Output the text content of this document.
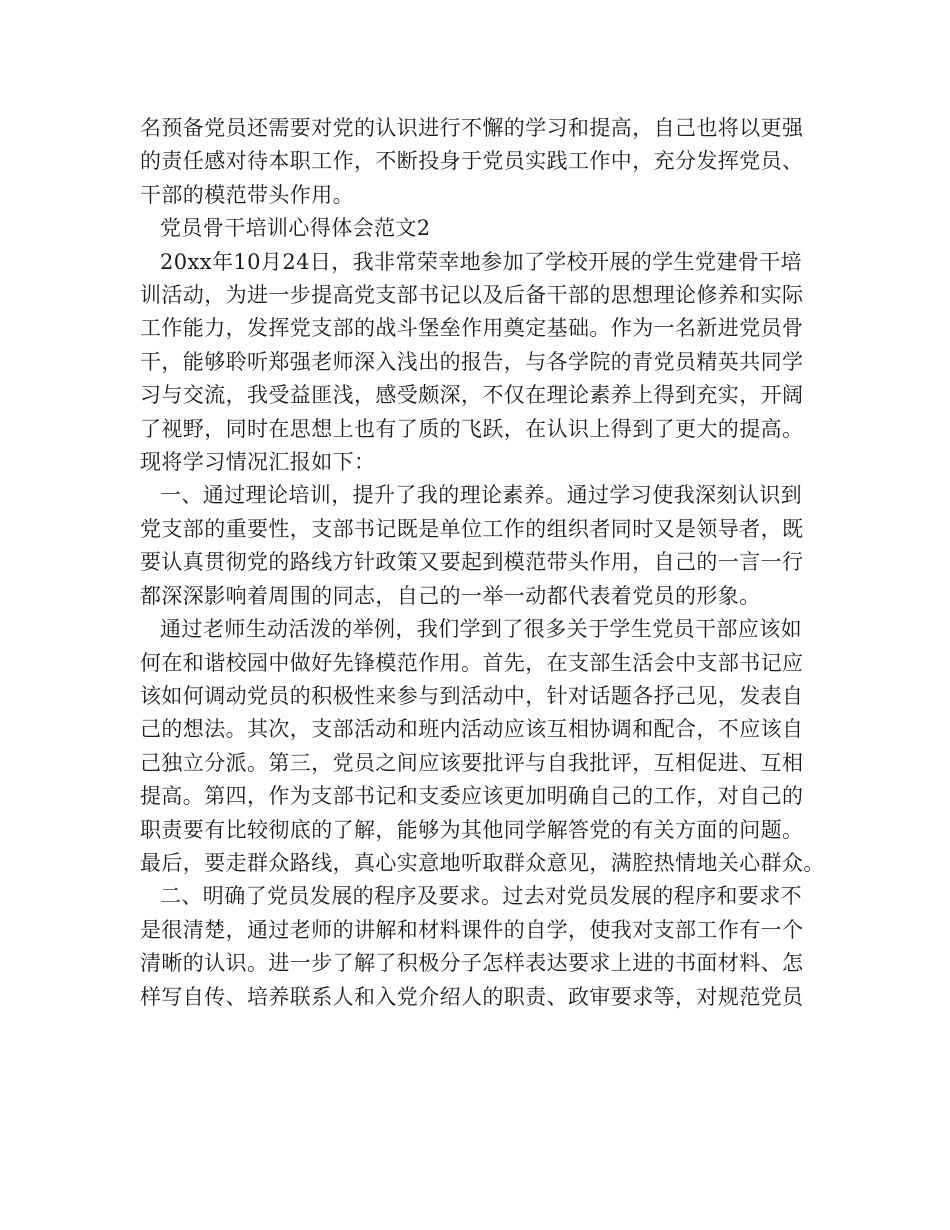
名预备党员还需要对党的认识进行不懈的学习和提高，自己也将以更强
的责任感对待本职工作，不断投身于党员实践工作中，充分发挥党员、
干部的模范带头作用。
党员骨干培训心得体会范文2
20xx年10月24日，我非常荣幸地参加了学校开展的学生党建骨干培
训活动，为进一步提高党支部书记以及后备干部的思想理论修养和实际
工作能力，发挥党支部的战斗堡垒作用奠定基础。作为一名新进党员骨
干，能够聆听郑强老师深入浅出的报告，与各学院的青党员精英共同学
习与交流，我受益匪浅，感受颇深，不仅在理论素养上得到充实，开阔
了视野，同时在思想上也有了质的飞跃，在认识上得到了更大的提高。
现将学习情况汇报如下：
一、通过理论培训，提升了我的理论素养。通过学习使我深刻认识到
党支部的重要性，支部书记既是单位工作的组织者同时又是领导者，既
要认真贯彻党的路线方针政策又要起到模范带头作用，自己的一言一行
都深深影响着周围的同志，自己的一举一动都代表着党员的形象。
通过老师生动活泼的举例，我们学到了很多关于学生党员干部应该如
何在和谐校园中做好先锋模范作用。首先，在支部生活会中支部书记应
该如何调动党员的积极性来参与到活动中，针对话题各抒己见，发表自
己的想法。其次，支部活动和班内活动应该互相协调和配合，不应该自
己独立分派。第三，党员之间应该要批评与自我批评，互相促进、互相
提高。第四，作为支部书记和支委应该更加明确自己的工作，对自己的
职责要有比较彻底的了解，能够为其他同学解答党的有关方面的问题。
最后，要走群众路线，真心实意地听取群众意见，满腔热情地关心群众。
二、明确了党员发展的程序及要求。过去对党员发展的程序和要求不
是很清楚，通过老师的讲解和材料课件的自学，使我对支部工作有一个
清晰的认识。进一步了解了积极分子怎样表达要求上进的书面材料、怎
样写自传、培养联系人和入党介绍人的职责、政审要求等，对规范党员
